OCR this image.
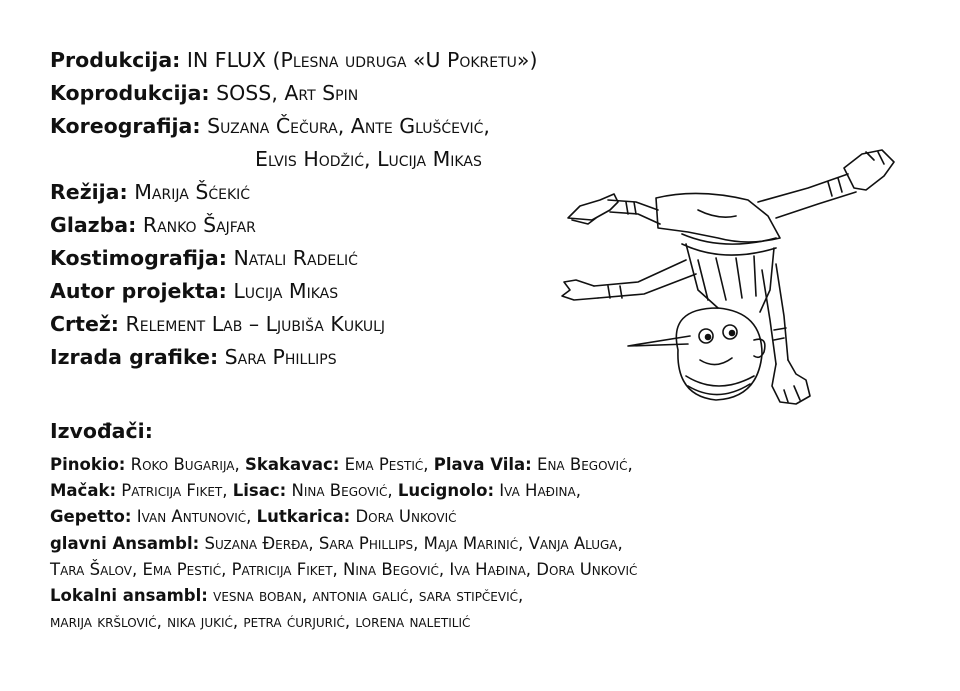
Produkcija: IN FLUX (Plesna udruga «U Pokretu»)
Koprodukcija: SOSS, Art Spin
Koreografija: Suzana Čečura, Ante Glušćević,
Elvis Hodžić, Lucija Mikas
Režija: Marija Šćekić
Glazba: Ranko Šajfar
Kostimografija: Natali Radelić
Autor projekta: Lucija Mikas
Crtež: Relement Lab – Ljubiša Kukulj
Izrada grafike: Sara Phillips
Izvođači:
Pinokio: Roko Bugarija, Skakavac: Ema Pestić, Plava Vila: Ena Begović,
Mačak: Patricija Fiket, Lisac: Nina Begović, Lucignolo: Iva Hađina,
Gepetto: Ivan Antunović, Lutkarica: Dora Unković
glavni Ansambl: Suzana Đerđa, Sara Phillips, Maja Marinić, Vanja Aluga,
Tara Šalov, Ema Pestić, Patricija Fiket, Nina Begović, Iva Hađina, Dora Unković
Lokalni ansambl: vesna boban, antonia galić, sara stipčević,
marija kršlović, nika jukić, petra ćurjurić, lorena naletilić
